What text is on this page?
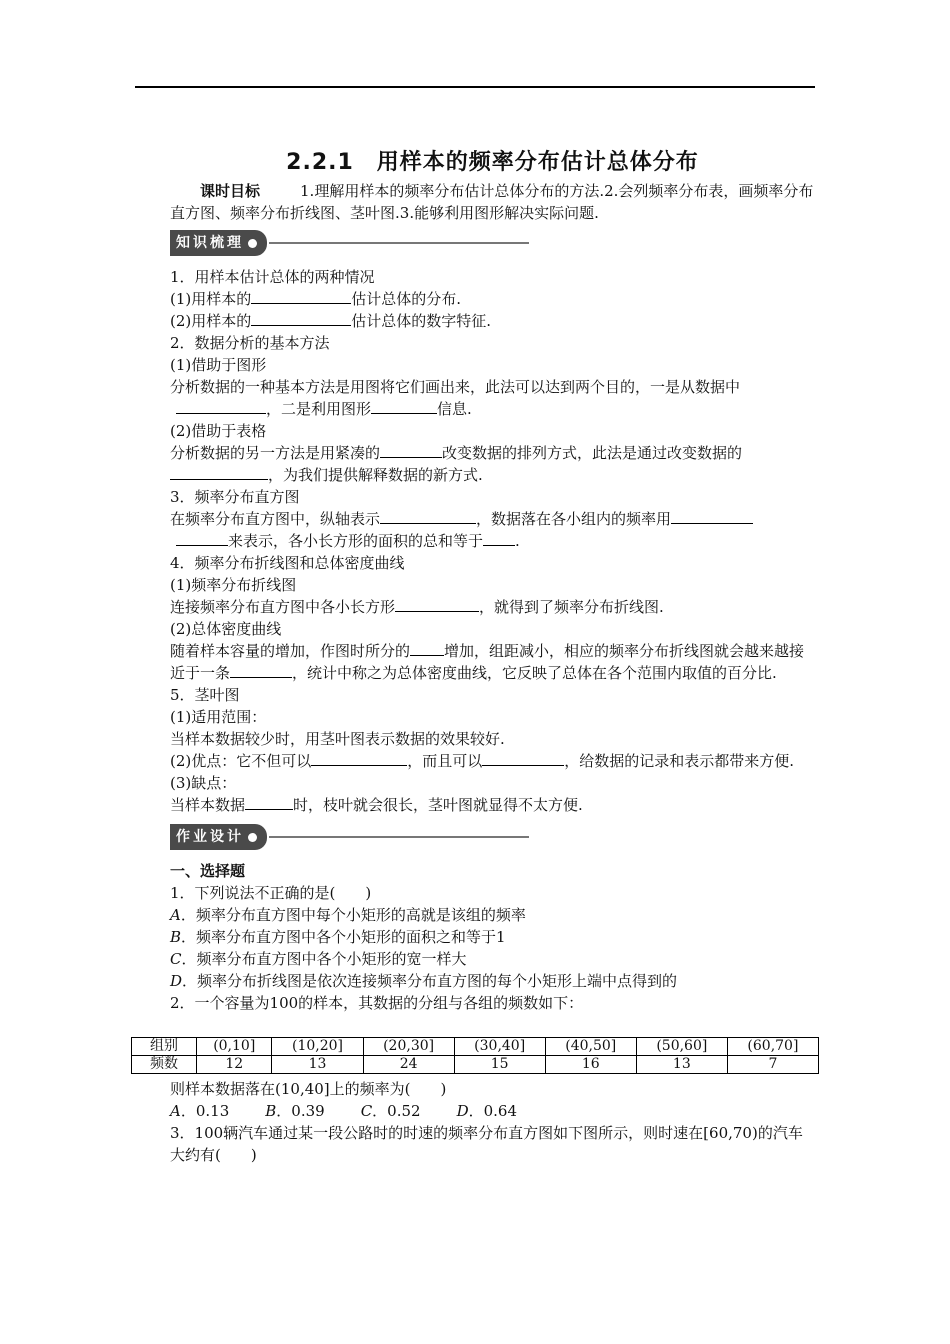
2.2.1　用样本的频率分布估计总体分布

课时目标	1.理解用样本的频率分布估计总体分布的方法.2.会列频率分布表，画频率分布直方图、频率分布折线图、茎叶图.3.能够利用图形解决实际问题.

知识梳理

1．用样本估计总体的两种情况

(1)用样本的	估计总体的分布.

(2)用样本的	估计总体的数字特征.

2．数据分析的基本方法

(1)借助于图形

分析数据的一种基本方法是用图将它们画出来，此法可以达到两个目的，一是从数据中
，二是利用图形	信息.

(2)借助于表格

分析数据的另一方法是用紧凑的	改变数据的排列方式，此法是通过改变数据的
，为我们提供解释数据的新方式.

3．频率分布直方图

在频率分布直方图中，纵轴表示	，数据落在各小组内的频率用
来表示，各小长方形的面积的总和等于 .

4．频率分布折线图和总体密度曲线

(1)频率分布折线图

连接频率分布直方图中各小长方形	，就得到了频率分布折线图.

(2)总体密度曲线

随着样本容量的增加，作图时所分的 增加，组距减小，相应的频率分布折线图就会越来越接近于一条	，统计中称之为总体密度曲线，它反映了总体在各个范围内取值的百分比.

5．茎叶图

(1)适用范围：

当样本数据较少时，用茎叶图表示数据的效果较好.

(2)优点：它不但可以	，而且可以	，给数据的记录和表示都带来方便.

(3)缺点：

当样本数据	时，枝叶就会很长，茎叶图就显得不太方便.

作业设计

一、选择题

1．下列说法不正确的是(　　)

A．频率分布直方图中每个小矩形的高就是该组的频率

B．频率分布直方图中各个小矩形的面积之和等于1

C．频率分布直方图中各个小矩形的宽一样大

D．频率分布折线图是依次连接频率分布直方图的每个小矩形上端中点得到的

2．一个容量为100的样本，其数据的分组与各组的频数如下：

组别	(0,10]	(10,20]	(20,30]	(30,40]	(40,50]	(50,60]	(60,70]
频数	12	13	24	15	16	13	7

则样本数据落在(10,40]上的频率为(　　)

A．0.13 B．0.39 C．0.52 D．0.64

3．100辆汽车通过某一段公路时的时速的频率分布直方图如下图所示，则时速在[60,70)的汽车大约有(　　)
